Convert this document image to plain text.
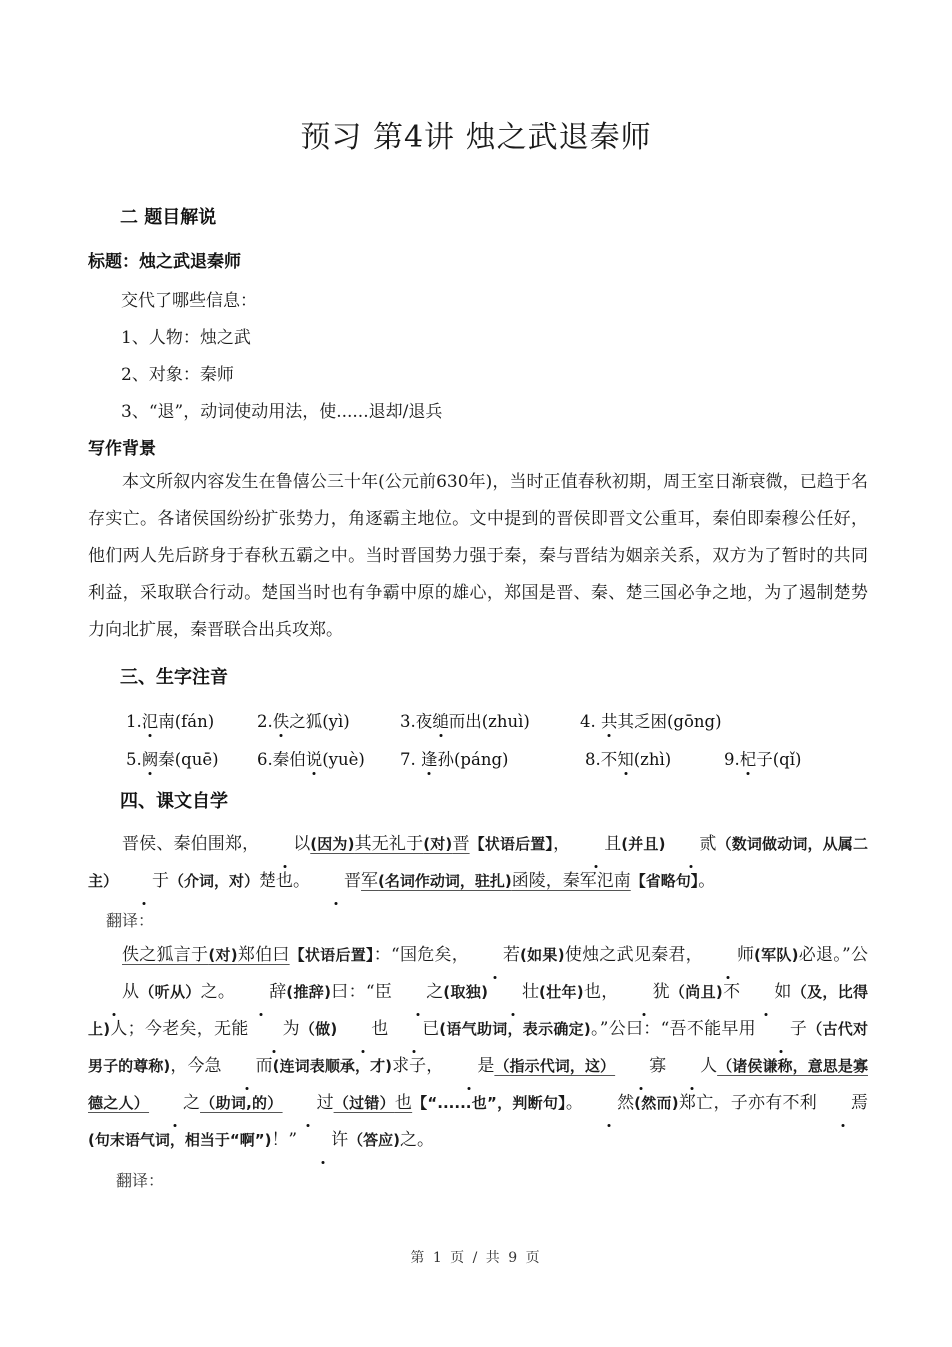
预习 第4讲 烛之武退秦师
二 题目解说
标题：烛之武退秦师
交代了哪些信息：
1、人物：烛之武
2、对象：秦师
3、“退”，动词使动用法，使......退却/退兵
写作背景
本文所叙内容发生在鲁僖公三十年(公元前630年)，当时正值春秋初期，周王室日渐衰微，已趋于名存实亡。各诸侯国纷纷扩张势力，角逐霸主地位。文中提到的晋侯即晋文公重耳，秦伯即秦穆公任好，他们两人先后跻身于春秋五霸之中。当时晋国势力强于秦，秦与晋结为姻亲关系，双方为了暂时的共同利益，采取联合行动。楚国当时也有争霸中原的雄心，郑国是晋、秦、楚三国必争之地，为了遏制楚势力向北扩展，秦晋联合出兵攻郑。
三、生字注音
1.氾南(fán)	2.佚之狐(yì)	3.夜缒而出(zhuì)	4. 共其乏困(gōng)
5.阙秦(quē) 6.秦伯说(yuè) 7. 逢孙(páng)	8.不知(zhì)	9.杞子(qǐ)
四、课文自学
晋侯、秦伯围郑， 以(因为)其无礼于(对)晋【状语后置】， 且(并且) 贰（数词做动词，从属二主） 于（介词，对）楚也。 晋军(名词作动词，驻扎)函陵，秦军氾南【省略句】。
翻译：
佚之狐言于(对)郑伯曰【状语后置】：“国危矣， 若(如果)使烛之武见秦君， 师(军队)必退。”公从（听从）之。 辞(推辞)曰：“臣 之(取独) 壮(壮年)也， 犹（尚且)不 如（及，比得上)人；今老矣，无能 为（做) 也 已(语气助词，表示确定)。”公曰：“吾不能早用 子（古代对男子的尊称)，今急 而(连词表顺承，才)求子， 是（指示代词，这） 寡 人（诸侯谦称，意思是寡德之人） 之（助词,的） 过（过错）也【“......也”，判断句】。 然(然而)郑亡，子亦有不利 焉(句末语气词，相当于“啊”)！” 许（答应)之。
翻译：
第 1 页 / 共 9 页
